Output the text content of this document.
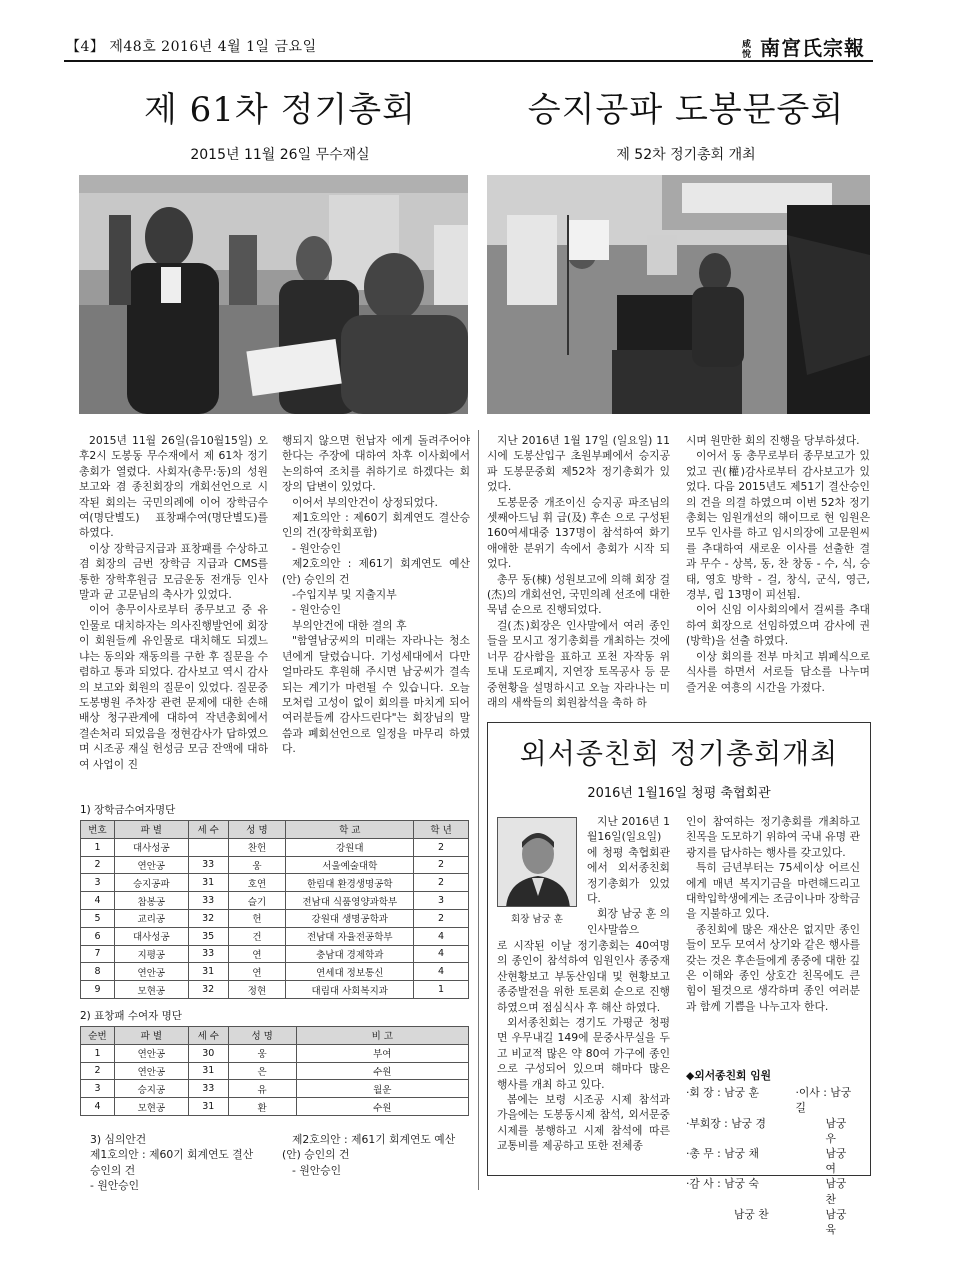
【4】 제48호 2016년 4월 1일 금요일	咸悅 南宮氏宗報
제 61차 정기총회
2015년 11월 26일 무수재실
승지공파 도봉문중회
제 52차 정기총회 개최

2015년 11월 26일(음10월15일) 오후2시 도봉동 무수재에서 제 61차 정기총회가 열렸다. 사회자(총무:동)의 성원보고와 겸 종친회장의 개회선언으로 시작된 회의는 국민의례에 이어 장학금수여(명단별도) 표창패수여(명단별도)를 하였다.

이상 장학금지급과 표창패를 수상하고 겸 회장의 금번 장학금 지급과 CMS를 통한 장학후원금 모금운동 전개등 인사말과 균 고문님의 축사가 있었다.

이어 총무이사로부터 종무보고 중 유인물로 대치하자는 의사진행발언에 회장이 회원들께 유인물로 대치해도 되겠느냐는 동의와 재동의를 구한 후 질문을 수렴하고 통과 되었다. 감사보고 역시 감사의 보고와 회원의 질문이 있었다. 질문중 도봉병원 주차장 관련 문제에 대한 손해배상 청구관계에 대하여 작년총회에서 결손처리 되었음을 정현감사가 답하였으며 시조공 재실 헌성금 모금 잔액에 대하여 사업이 진

행되지 않으면 헌납자 에게 돌려주어야 한다는 주장에 대하여 차후 이사회에서 논의하여 조치를 취하기로 하겠다는 회장의 답변이 있었다.

이어서 부의안건이 상정되었다.

제1호의안 : 제60기 회계연도 결산승인의 건(장학회포함)

- 원안승인

제2호의안 : 제61기 회계연도 예산(안) 승인의 건

-수입지부 및 지출지부

- 원안승인

부의안건에 대한 결의 후

"함열남궁씨의 미래는 자라나는 청소년에게 달렸습니다. 기성세대에서 다만 얼마라도 후원해 주시면 남궁씨가 결속되는 계기가 마련될 수 있습니다. 오늘 모처럼 고성이 없이 회의를 마치게 되어 여러분들께 감사드린다"는 회장님의 말씀과 폐회선언으로 일정을 마무리 하였다.

지난 2016년 1월 17일 (일요일) 11시에 도봉산입구 초원부페에서 승지공파 도봉문중회 제52차 정기총회가 있었다.

도봉문중 개조이신 승지공 파조님의 셋째아드님 휘 급(及) 후손 으로 구성된 160여세대중 137명이 참석하여 화기애애한 분위기 속에서 총회가 시작 되었다.

총무 동(棟) 성원보고에 의해 회장 걸(杰)의 개회선언, 국민의례 선조에 대한묵념 순으로 진행되었다.

걸(杰)회장은 인사말에서 여러 종인들을 모시고 정기총회를 개최하는 것에 너무 감사함을 표하고 포천 자작동 위토내 도로폐지, 지연장 토목공사 등 문중현황을 설명하시고 오늘 자라나는 미래의 새싹들의 회원참석을 축하 하

시며 원만한 회의 진행을 당부하셨다.

이어서 동 총무로부터 종무보고가 있었고 권(權)감사로부터 감사보고가 있었다. 다음 2015년도 제51기 결산승인의 건을 의결 하였으며 이번 52차 정기총회는 임원개선의 해이므로 현 임원은 모두 인사를 하고 임시의장에 고문원씨를 추대하여 새로운 이사를 선출한 결과 무수 - 상복, 동, 찬 창동 - 수, 식, 승태, 영호 방학 - 걸, 창식, 군식, 영근, 경부, 립 13명이 피선됨.

이어 신임 이사회의에서 걸씨를 추대하여 회장으로 선임하였으며 감사에 권(방학)을 선출 하였다.

이상 회의를 전부 마치고 뷔페식으로 식사를 하면서 서로들 담소를 나누며 즐거운 여흥의 시간을 가졌다.

1) 장학금수여자명단
번호	파 별	세 수	성 명	학 교	학 년
1	대사성공		찬헌	강원대	2
2	연안공	33	웅	서울예술대학	2
3	승지공파	31	호연	한림대 환경생명공학	2
4	참봉공	33	슬기	전남대 식품영양과학부	3
5	교리공	32	헌	강원대 생명공학과	2
6	대사성공	35	건	전남대 자율전공학부	4
7	지평공	33	연	충남대 경제학과	4
8	연안공	31	연	연세대 정보통신	4
9	모현공	32	정현	대림대 사회복지과	1
2) 표창패 수여자 명단
순번	파 별	세 수	성 명	비 고
1	연안공	30	웅	부여
2	연안공	31	은	수원
3	승지공	33	유	월운
4	모현공	31	환	수원

3) 심의안건

제1호의안 : 제60기 회계연도 결산

승인의 건

- 원안승인

제2호의안 : 제61기 회계연도 예산

(안) 승인의 건

- 원안승인

외서종친회 정기총회개최
2016년 1월16일 청평 축협회관
회장 남궁 훈

지난 2016년 1월16일(일요일)에 청평 축협회관에서 외서종친회 정기총회가 있었다.

회장 남궁 훈 의 인사말씀으

로 시작된 이날 정기총회는 40여명의 종인이 참석하여 임원인사 종중재산현황보고 부동산임대 및 현황보고 종중발전을 위한 토론회 순으로 진행하였으며 점심식사 후 해산 하였다.

외서종친회는 경기도 가평군 청평면 우무내길 149에 문중사무실을 두고 비교적 많은 약 80여 가구에 종인으로 구성되어 있으며 해마다 많은 행사를 개최 하고 있다.

봄에는 보령 시조공 시제 참석과 가을에는 도봉동시제 참석, 외서문중시제를 봉행하고 시제 참석에 따른 교통비를 제공하고 또한 전체종

인이 참여하는 정기총회를 개최하고 친목을 도모하기 위하여 국내 유명 관광지를 답사하는 행사를 갖고있다.

특히 금년부터는 75세이상 어르신에게 매년 복지기금을 마련해드리고 대학입학생에게는 조금이나마 장학금을 지불하고 있다.

종친회에 많은 재산은 없지만 종인들이 모두 모여서 상기와 같은 행사를 갖는 것은 후손들에게 종중에 대한 깊은 이해와 종인 상호간 친목에도 큰 힘이 될것으로 생각하며 종인 여러분과 함께 기쁨을 나누고자 한다.

◆외서종친회 임원
·회 장 : 남궁 훈	·이사 : 남궁 길
·부회장 : 남궁 경	남궁 우
·총 무 : 남궁 채	남궁 여
·감 사 : 남궁 숙	남궁 찬
남궁 찬	남궁 육
